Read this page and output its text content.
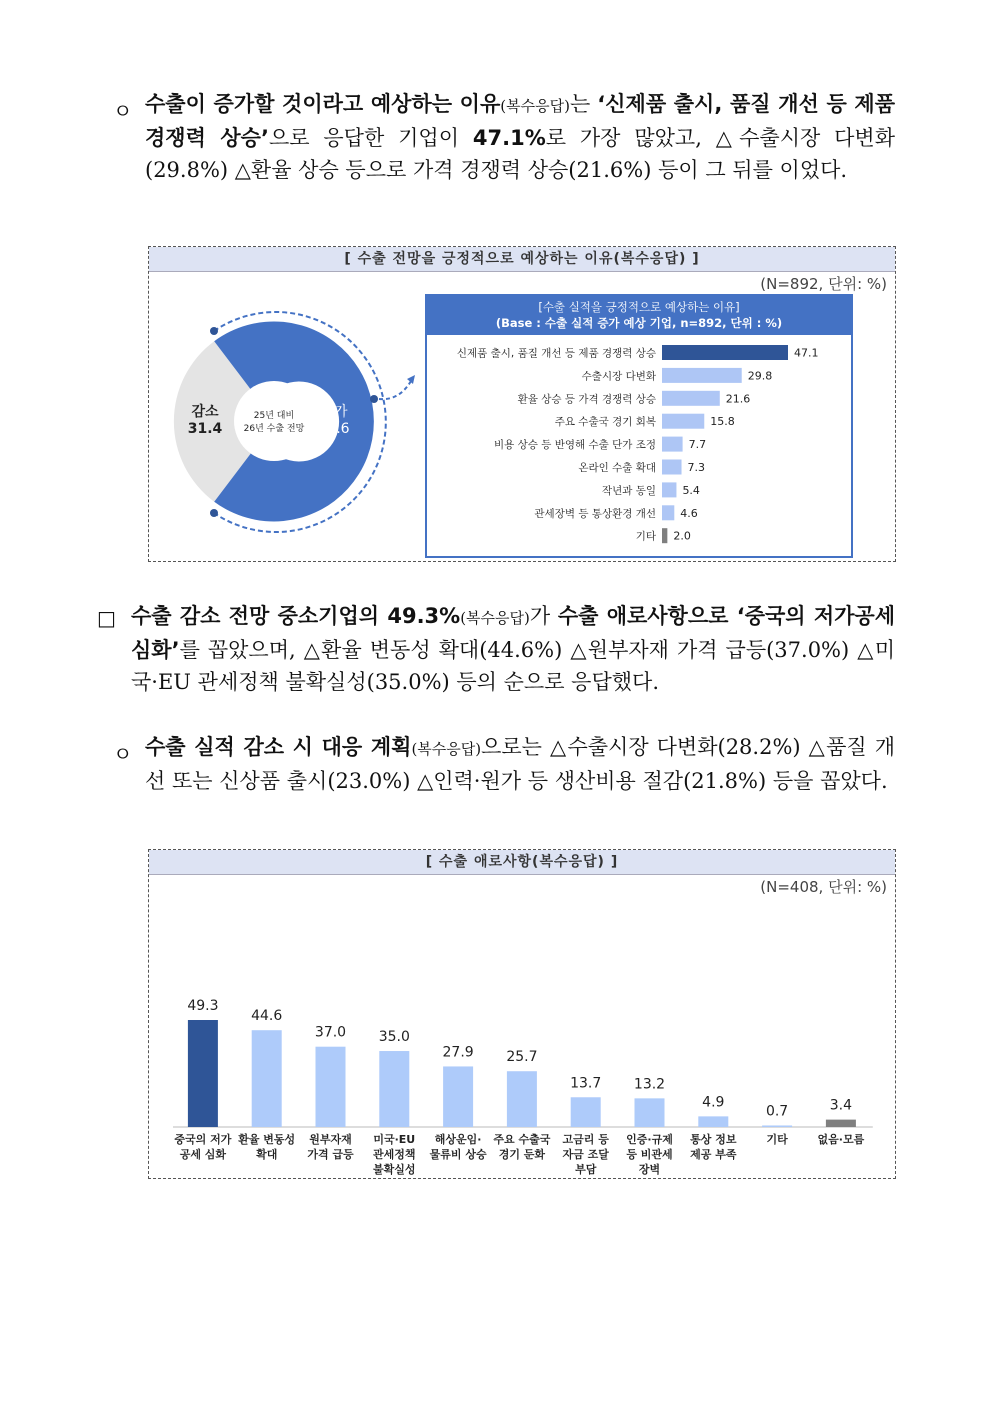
ㅇ 수출이 증가할 것이라고 예상하는 이유(복수응답)는 ‘신제품 출시, 품질 개선 등 제품경쟁력 상승’으로 응답한 기업이 47.1%로 가장 많았고, △수출시장 다변화(29.8%) △환율 상승 등으로 가격 경쟁력 상승(21.6%) 등이 그 뒤를 이었다.
[ 수출 전망을 긍정적으로 예상하는 이유(복수응답) ]
(N=892, 단위: %)
감소
31.4
증가
68.6
25년 대비
26년 수출 전망
[수출 실적을 긍정적으로 예상하는 이유]
(Base : 수출 실적 증가 예상 기업, n=892, 단위 : %)
신제품 출시, 품질 개선 등 제품 경쟁력 상승	47.1
수출시장 다변화	29.8
환율 상승 등 가격 경쟁력 상승	21.6
주요 수출국 경기 회복	15.8
비용 상승 등 반영해 수출 단가 조정	7.7
온라인 수출 확대	7.3
작년과 동일 5.4
관세장벽 등 통상환경 개선 4.6
기타 2.0
□ 수출 감소 전망 중소기업의 49.3%(복수응답)가 수출 애로사항으로 ‘중국의 저가공세 심화’를 꼽았으며, △환율 변동성 확대(44.6%) △원부자재 가격 급등(37.0%) △미국·EU 관세정책 불확실성(35.0%) 등의 순으로 응답했다.
ㅇ 수출 실적 감소 시 대응 계획(복수응답)으로는 △수출시장 다변화(28.2%) △품질 개선 또는 신상품 출시(23.0%) △인력·원가 등 생산비용 절감(21.8%) 등을 꼽았다.
[ 수출 애로사항(복수응답) ]
(N=408, 단위: %)
49.3
중국의 저가
공세 심화
44.6
환율 변동성
확대
37.0
원부자재
가격 급등
35.0
미국·EU
관세정책
불확실성
27.9
해상운임·
물류비 상승
25.7
주요 수출국
경기 둔화
13.7
고금리 등
자금 조달
부담
13.2
인증·규제
등 비관세
장벽
4.9
통상 정보
제공 부족
0.7
기타
3.4
없음·모름
